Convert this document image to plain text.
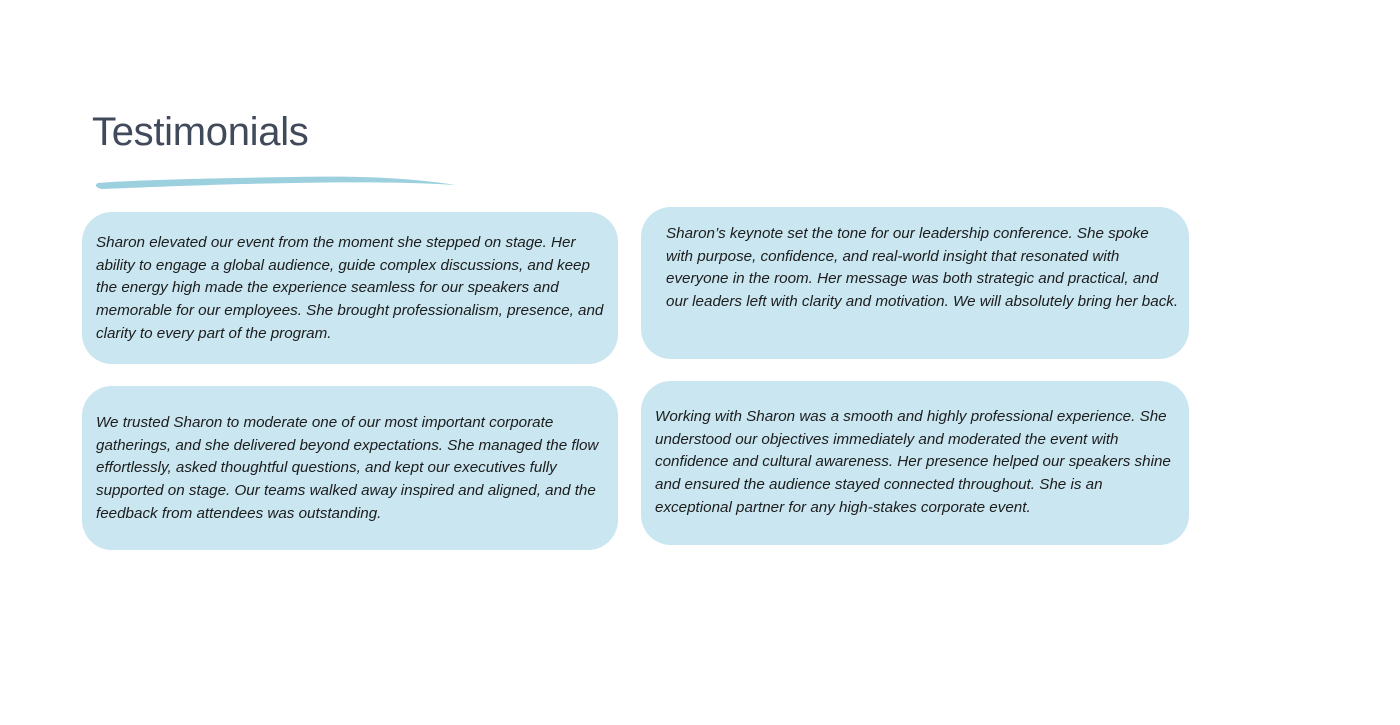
Testimonials

Sharon elevated our event from the moment she stepped on stage. Her ability to engage a global audience, guide complex discussions, and keep the energy high made the experience seamless for our speakers and memorable for our employees. She brought professionalism, presence, and clarity to every part of the program.

Sharon’s keynote set the tone for our leadership conference. She spoke with purpose, confidence, and real-world insight that resonated with everyone in the room. Her message was both strategic and practical, and our leaders left with clarity and motivation. We will absolutely bring her back.

We trusted Sharon to moderate one of our most important corporate gatherings, and she delivered beyond expectations. She managed the flow effortlessly, asked thoughtful questions, and kept our executives fully supported on stage. Our teams walked away inspired and aligned, and the feedback from attendees was outstanding.

Working with Sharon was a smooth and highly professional experience. She understood our objectives immediately and moderated the event with confidence and cultural awareness. Her presence helped our speakers shine and ensured the audience stayed connected throughout. She is an exceptional partner for any high-stakes corporate event.
